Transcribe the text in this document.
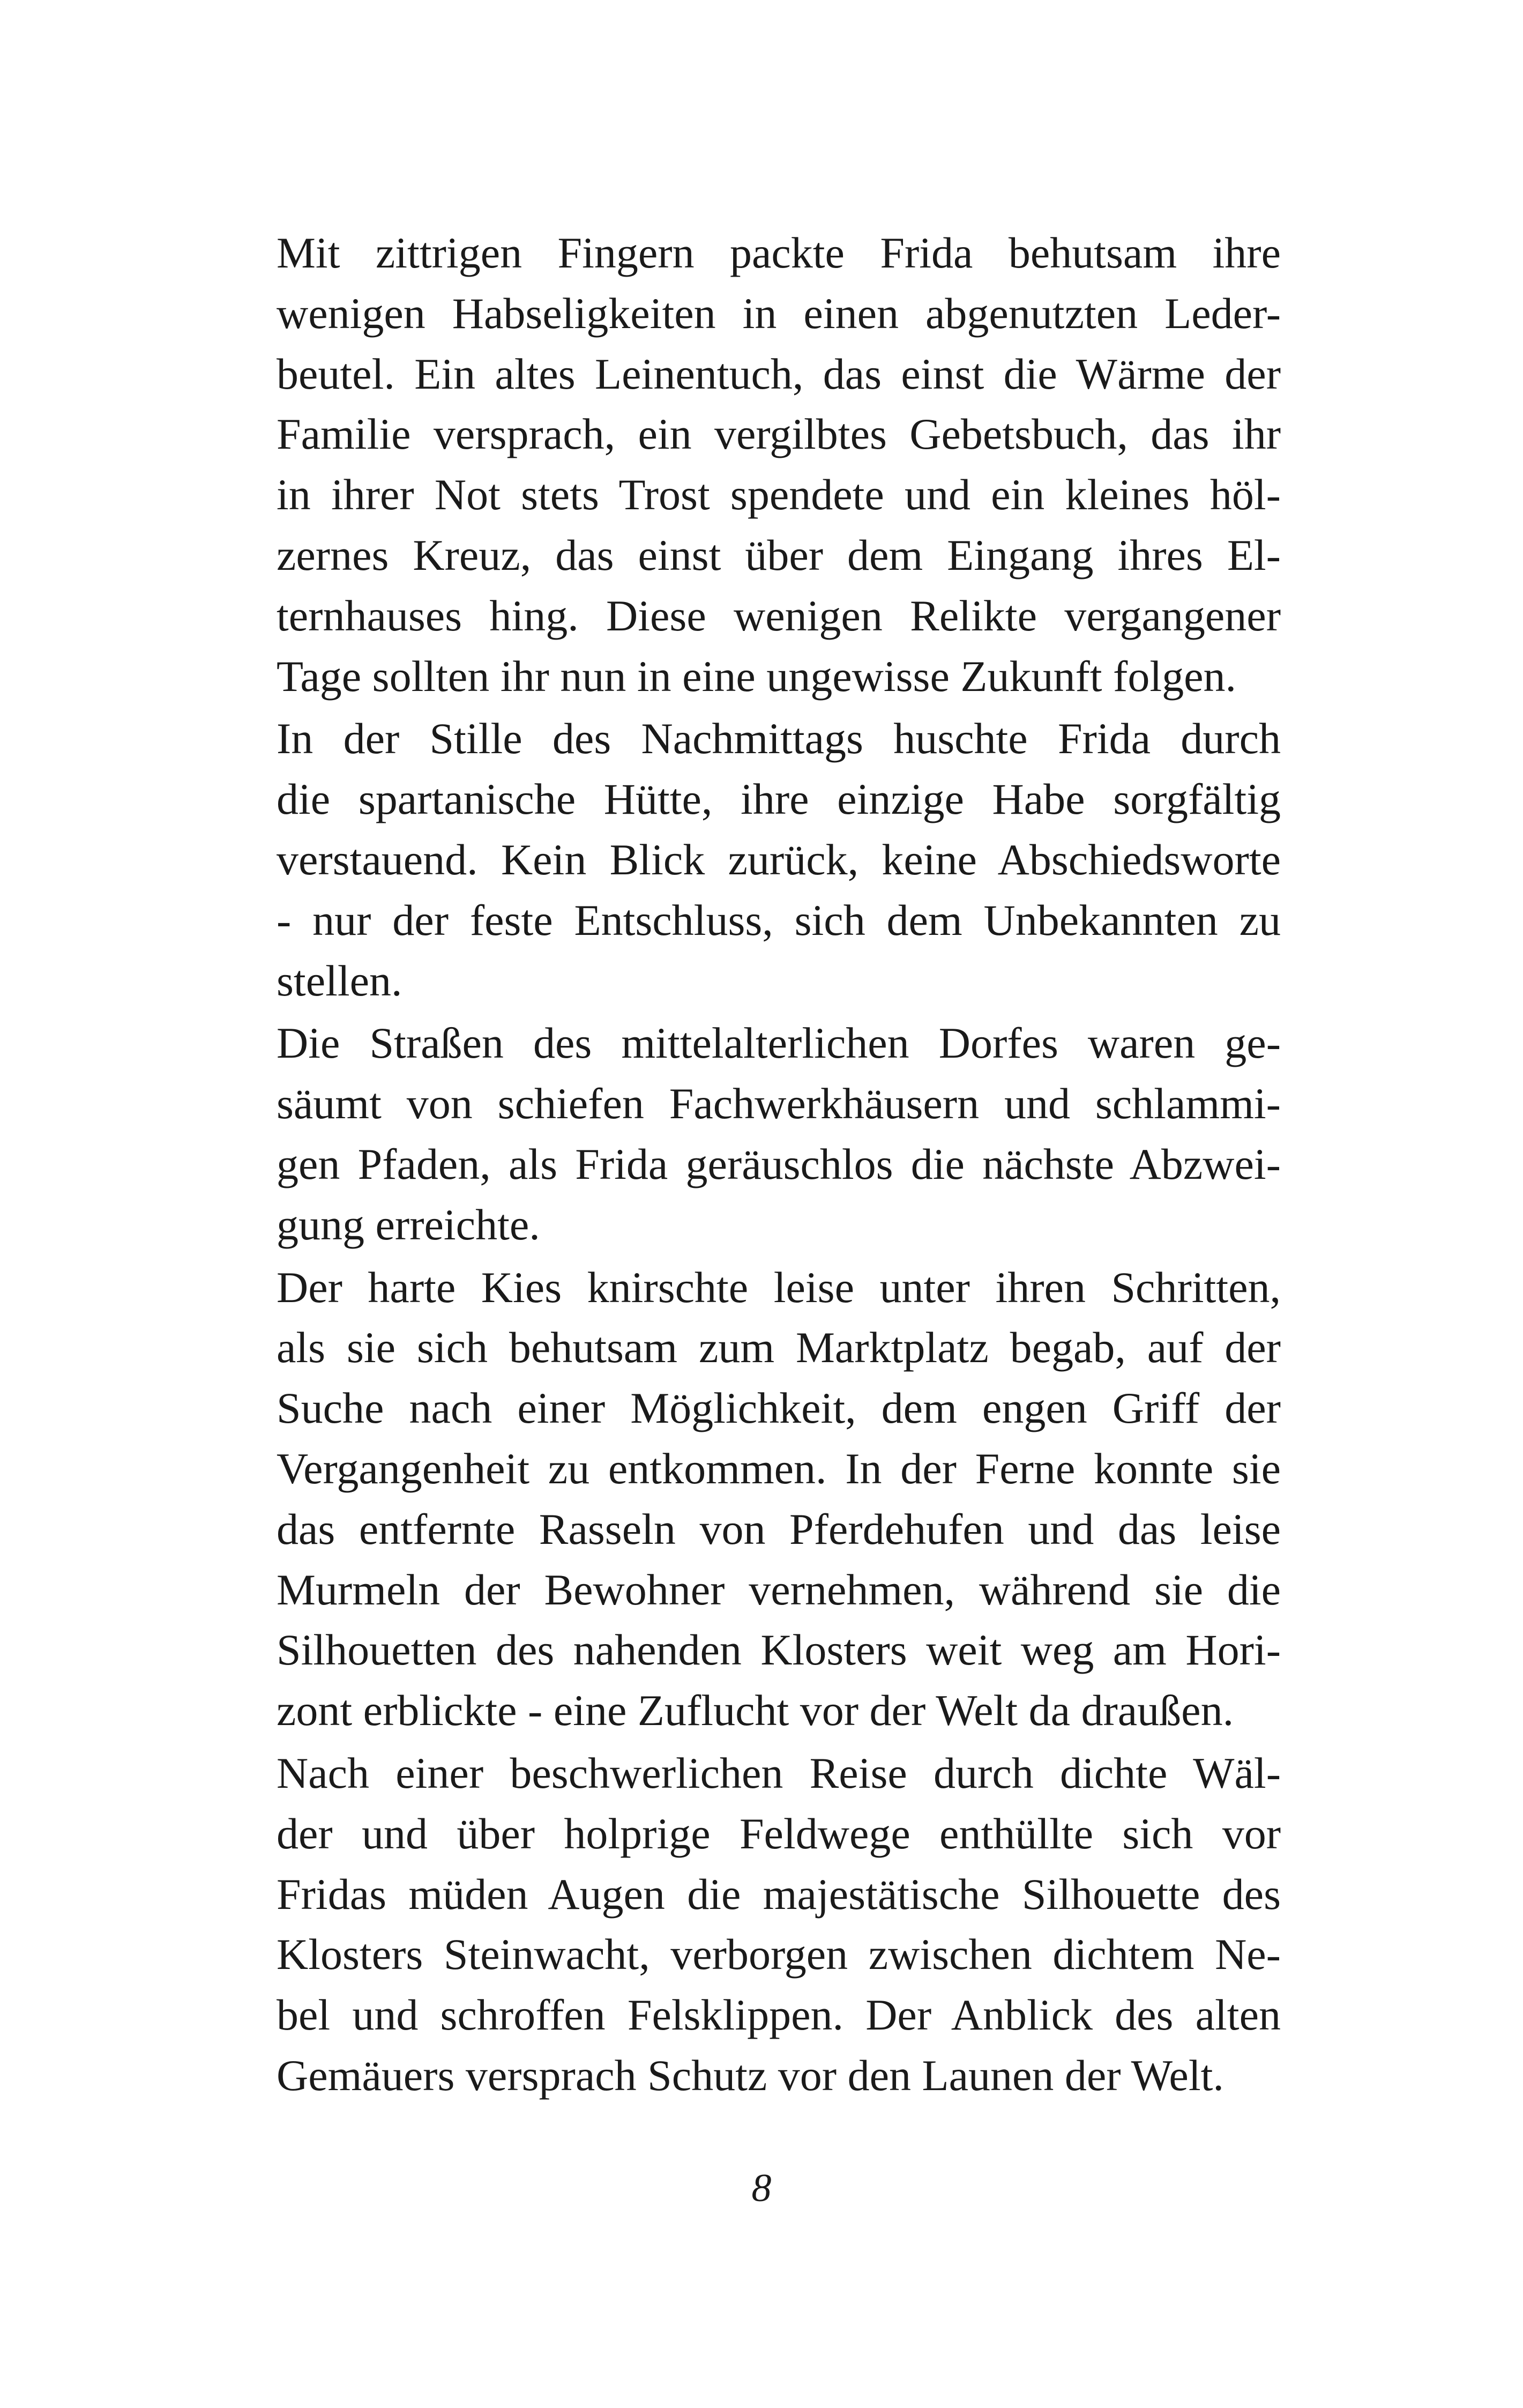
Mit zittrigen Fingern packte Frida behutsam ihre
wenigen Habseligkeiten in einen abgenutzten Leder-
beutel. Ein altes Leinentuch, das einst die Wärme der
Familie versprach, ein vergilbtes Gebetsbuch, das ihr
in ihrer Not stets Trost spendete und ein kleines höl-
zernes Kreuz, das einst über dem Eingang ihres El-
ternhauses hing. Diese wenigen Relikte vergangener
Tage sollten ihr nun in eine ungewisse Zukunft folgen.

In der Stille des Nachmittags huschte Frida durch
die spartanische Hütte, ihre einzige Habe sorgfältig
verstauend. Kein Blick zurück, keine Abschiedsworte
- nur der feste Entschluss, sich dem Unbekannten zu
stellen.

Die Straßen des mittelalterlichen Dorfes waren ge-
säumt von schiefen Fachwerkhäusern und schlammi-
gen Pfaden, als Frida geräuschlos die nächste Abzwei-
gung erreichte.

Der harte Kies knirschte leise unter ihren Schritten,
als sie sich behutsam zum Marktplatz begab, auf der
Suche nach einer Möglichkeit, dem engen Griff der
Vergangenheit zu entkommen. In der Ferne konnte sie
das entfernte Rasseln von Pferdehufen und das leise
Murmeln der Bewohner vernehmen, während sie die
Silhouetten des nahenden Klosters weit weg am Hori-
zont erblickte - eine Zuflucht vor der Welt da draußen.

Nach einer beschwerlichen Reise durch dichte Wäl-
der und über holprige Feldwege enthüllte sich vor
Fridas müden Augen die majestätische Silhouette des
Klosters Steinwacht, verborgen zwischen dichtem Ne-
bel und schroffen Felsklippen. Der Anblick des alten
Gemäuers versprach Schutz vor den Launen der Welt.

8
